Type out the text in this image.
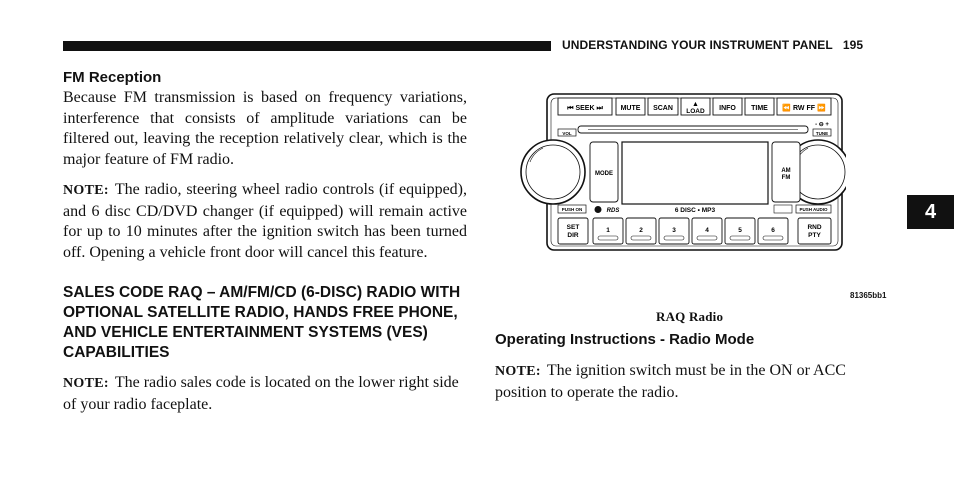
UNDERSTANDING YOUR INSTRUMENT PANEL 195
4
FM Reception

Because FM transmission is based on frequency variations, interference that consists of amplitude variations can be filtered out, leaving the reception relatively clear, which is the major feature of FM radio.

NOTE: The radio, steering wheel radio controls (if equipped), and 6 disc CD/DVD changer (if equipped) will remain active for up to 10 minutes after the ignition switch has been turned off. Opening a vehicle front door will cancel this feature.

SALES CODE RAQ – AM/FM/CD (6-DISC) RADIO WITH OPTIONAL SATELLITE RADIO, HANDS FREE PHONE, AND VEHICLE ENTERTAINMENT SYSTEMS (VES) CAPABILITIES

NOTE: The radio sales code is located on the lower right side of your radio faceplate.

⏮ SEEK ⏭	MUTE SCAN
▲
LOAD INFO TIME ⏪ RW FF ⏩
VOL
- ⊖ +
TUNE
MODE	AM
FM
PUSH ON	RDS	6 DISC • MP3	PUSH AUDIO
SET
DIR
1	2	3	4	5	6	RND
PTY
81365bb1
RAQ Radio
Operating Instructions - Radio Mode

NOTE: The ignition switch must be in the ON or ACC position to operate the radio.
